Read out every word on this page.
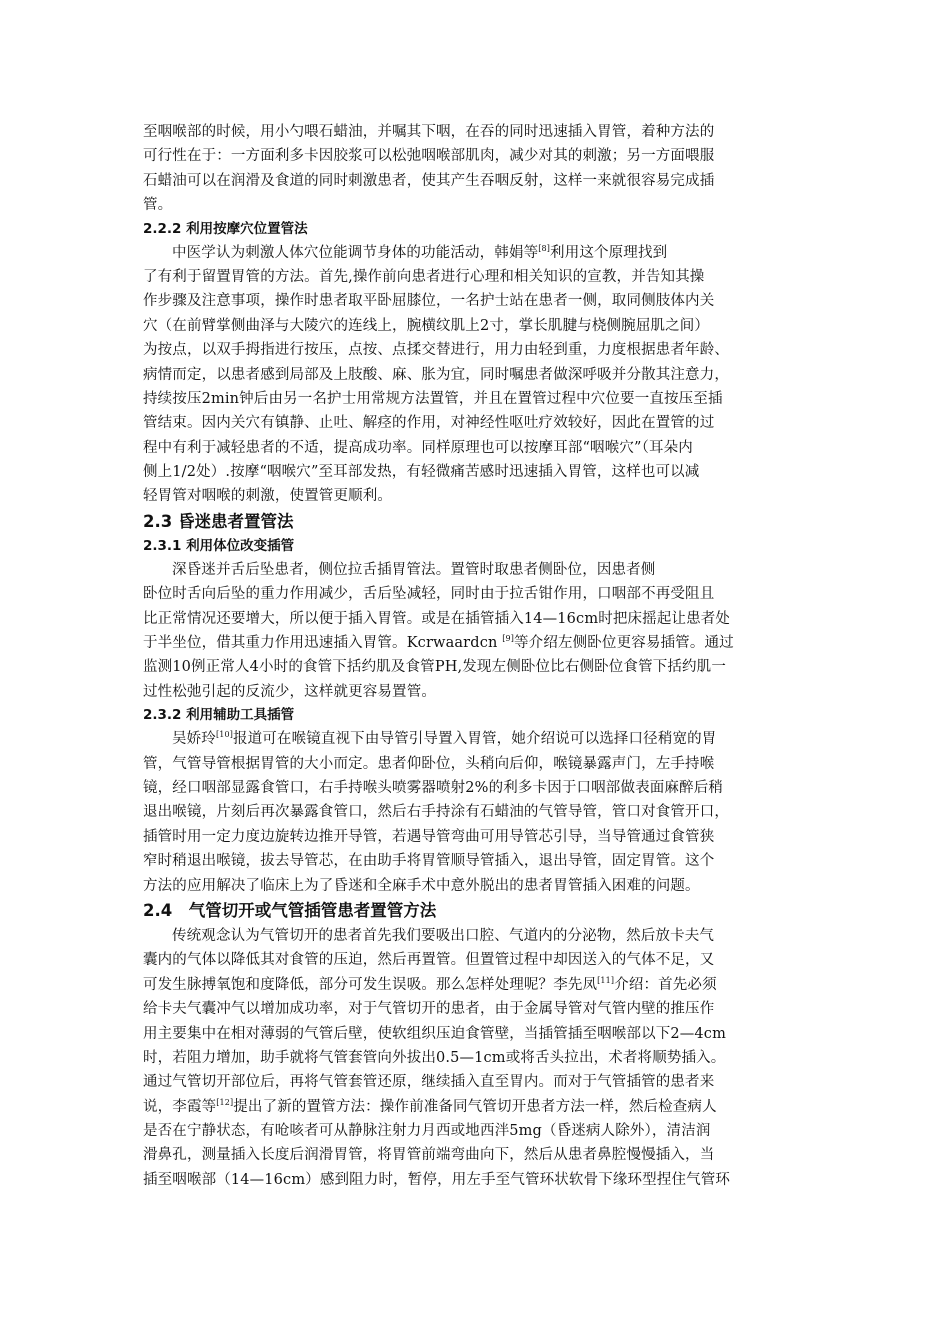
至咽喉部的时候，用小勺喂石蜡油，并嘱其下咽，在吞的同时迅速插入胃管，着种方法的
可行性在于：一方面利多卡因胶浆可以松弛咽喉部肌肉，减少对其的刺激；另一方面喂服
石蜡油可以在润滑及食道的同时刺激患者，使其产生吞咽反射，这样一来就很容易完成插
管。
2.2.2 利用按摩穴位置管法
中医学认为刺激人体穴位能调节身体的功能活动，韩娟等[8]利用这个原理找到
了有利于留置胃管的方法。首先,操作前向患者进行心理和相关知识的宣教，并告知其操
作步骤及注意事项，操作时患者取平卧屈膝位，一名护士站在患者一侧，取同侧肢体内关
穴（在前臂掌侧曲泽与大陵穴的连线上，腕横纹肌上2寸，掌长肌腱与桡侧腕屈肌之间）
为按点，以双手拇指进行按压，点按、点揉交替进行，用力由轻到重，力度根据患者年龄、
病情而定，以患者感到局部及上肢酸、麻、胀为宜，同时嘱患者做深呼吸并分散其注意力，
持续按压2min钟后由另一名护士用常规方法置管，并且在置管过程中穴位要一直按压至插
管结束。因内关穴有镇静、止吐、解痉的作用，对神经性呕吐疗效较好，因此在置管的过
程中有利于减轻患者的不适，提高成功率。同样原理也可以按摩耳部“咽喉穴”（耳朵内
侧上1/2处）.按摩“咽喉穴”至耳部发热，有轻微痛苦感时迅速插入胃管，这样也可以减
轻胃管对咽喉的刺激，使置管更顺利。
2.3 昏迷患者置管法
2.3.1 利用体位改变插管
深昏迷并舌后坠患者，侧位拉舌插胃管法。置管时取患者侧卧位，因患者侧
卧位时舌向后坠的重力作用减少，舌后坠减轻，同时由于拉舌钳作用，口咽部不再受阻且
比正常情况还要增大，所以便于插入胃管。或是在插管插入14—16cm时把床摇起让患者处
于半坐位，借其重力作用迅速插入胃管。Kcrwaardcn [9]等介绍左侧卧位更容易插管。通过
监测10例正常人4小时的食管下括约肌及食管PH,发现左侧卧位比右侧卧位食管下括约肌一
过性松弛引起的反流少，这样就更容易置管。
2.3.2 利用辅助工具插管
吴娇玲[10]报道可在喉镜直视下由导管引导置入胃管，她介绍说可以选择口径稍宽的胃
管，气管导管根据胃管的大小而定。患者仰卧位，头稍向后仰，喉镜暴露声门，左手持喉
镜，经口咽部显露食管口，右手持喉头喷雾器喷射2%的利多卡因于口咽部做表面麻醉后稍
退出喉镜，片刻后再次暴露食管口，然后右手持涂有石蜡油的气管导管，管口对食管开口，
插管时用一定力度边旋转边推开导管，若遇导管弯曲可用导管芯引导，当导管通过食管狭
窄时稍退出喉镜，拔去导管芯，在由助手将胃管顺导管插入，退出导管，固定胃管。这个
方法的应用解决了临床上为了昏迷和全麻手术中意外脱出的患者胃管插入困难的问题。
2.4　气管切开或气管插管患者置管方法
传统观念认为气管切开的患者首先我们要吸出口腔、气道内的分泌物，然后放卡夫气
囊内的气体以降低其对食管的压迫，然后再置管。但置管过程中却因送入的气体不足，又
可发生脉搏氧饱和度降低，部分可发生误吸。那么怎样处理呢？李先凤[11]介绍：首先必须
给卡夫气囊冲气以增加成功率，对于气管切开的患者，由于金属导管对气管内壁的推压作
用主要集中在相对薄弱的气管后壁，使软组织压迫食管壁，当插管插至咽喉部以下2—4cm
时，若阻力增加，助手就将气管套管向外拔出0.5—1cm或将舌头拉出，术者将顺势插入。
通过气管切开部位后，再将气管套管还原，继续插入直至胃内。而对于气管插管的患者来
说，李霞等[12]提出了新的置管方法：操作前准备同气管切开患者方法一样，然后检查病人
是否在宁静状态，有呛咳者可从静脉注射力月西或地西泮5mg（昏迷病人除外），清洁润
滑鼻孔，测量插入长度后润滑胃管，将胃管前端弯曲向下，然后从患者鼻腔慢慢插入，当
插至咽喉部（14—16cm）感到阻力时，暂停，用左手至气管环状软骨下缘环型捏住气管环
